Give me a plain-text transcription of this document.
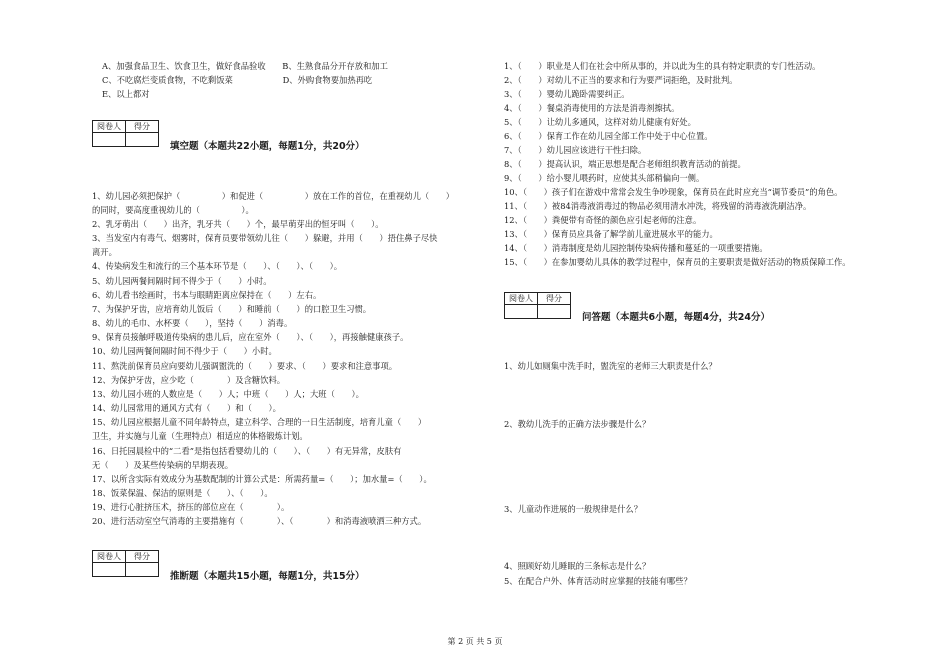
A、加强食品卫生、饮食卫生，做好食品验收　　B、生熟食品分开存放和加工
C、不吃腐烂变质食物，不吃剩饭菜　　　　　　D、外购食物要加热再吃
E、以上都对
阅卷人	得分

填空题（本题共22小题，每题1分，共20分）
1、幼儿园必须把保护（　　　　　）和促进（　　　　　）放在工作的首位，在重视幼儿（　　）
的同时，要高度重视幼儿的（　　　　　）。
2、乳牙萌出（　　）出齐，乳牙共（　　）个，最早萌芽出的恒牙叫（　　）。
3、当发室内有毒气、烟雾时，保育员要带领幼儿往（　　）躲避，并用（　　）捂住鼻子尽快
离开。
4、传染病发生和流行的三个基本环节是（　　）、（　　）、（　　）。
5、幼儿园两餐间隔时间不得少于（　　）小时。
6、幼儿看书绘画时，书本与眼睛距离应保持在（　　）左右。
7、为保护牙齿，应培育幼儿饭后（　　）和睡前（　　）的口腔卫生习惯。
8、幼儿的毛巾、水杯要（　　），坚持（　　）消毒。
9、保育员接触呼吸道传染病的患儿后，应在室外（　　）、（　　），再接触健康孩子。
10、幼儿园两餐间隔时间不得少于（　　）小时。
11、熬洗前保育员应向要幼儿强调盥洗的（　　）要求、（　　）要求和注意事项。
12、为保护牙齿，应少吃（　　　　）及含糖饮料。
13、幼儿园小班的人数应是（　　）人；中班（　　）人；大班（　　）。
14、幼儿园常用的通风方式有（　　）和（　　）。
15、幼儿园应根据儿童不同年龄特点，建立科学、合理的一日生活制度，培育儿童（　　）
卫生，并实施与儿童（生理特点）相适应的体格锻炼计划。
16、日托园晨检中的“二看”是指包括看婴幼儿的（　　）、（　　）有无异常，皮肤有
无（　　）及某些传染病的早期表现。
17、以所含实际有效成分为基数配制的计算公式是：所需药量=（　　）；加水量=（　　）。
18、饭菜保温、保洁的原则是（　　）、（　　）。
19、进行心脏挤压术，挤压的部位应在（　　　　）。
20、进行活动室空气消毒的主要措施有（　　　　）、（　　　　）和消毒液喷洒三种方式。
阅卷人	得分

推断题（本题共15小题，每题1分，共15分）
1、（　　）职业是人们在社会中所从事的，并以此为生的具有特定职责的专门性活动。
2、（　　）对幼儿不正当的要求和行为要严词拒绝，及时批判。
3、（　　）婴幼儿跪卧需要纠正。
4、（　　）餐桌消毒使用的方法是消毒剂擦拭。
5、（　　）让幼儿多通风，这样对幼儿健康有好处。
6、（　　）保育工作在幼儿园全部工作中处于中心位置。
7、（　　）幼儿园应该进行干性扫除。
8、（　　）提高认识，端正思想是配合老师组织教育活动的前提。
9、（　　）给小婴儿喂药时，应使其头部稍偏向一侧。
10、（　　）孩子们在游戏中常常会发生争吵现象，保育员在此时应充当“调节委员”的角色。
11、（　　）被84消毒液消毒过的物品必须用清水冲洗，将残留的消毒液洗刷洁净。
12、（　　）粪便带有奇怪的颜色应引起老师的注意。
13、（　　）保育员应具备了解学前儿童进展水平的能力。
14、（　　）消毒制度是幼儿园控制传染病传播和蔓延的一项重要措施。
15、（　　）在参加婴幼儿具体的教学过程中，保育员的主要职责是做好活动的物质保障工作。
阅卷人	得分

问答题（本题共6小题，每题4分，共24分）
1、幼儿如厕集中洗手时，盥洗室的老师三大职责是什么？
2、教幼儿洗手的正确方法步骤是什么？
3、儿童动作进展的一般规律是什么？
4、照顾好幼儿睡眠的三条标志是什么？
5、在配合户外、体育活动时应掌握的技能有哪些？
第 2 页 共 5 页
